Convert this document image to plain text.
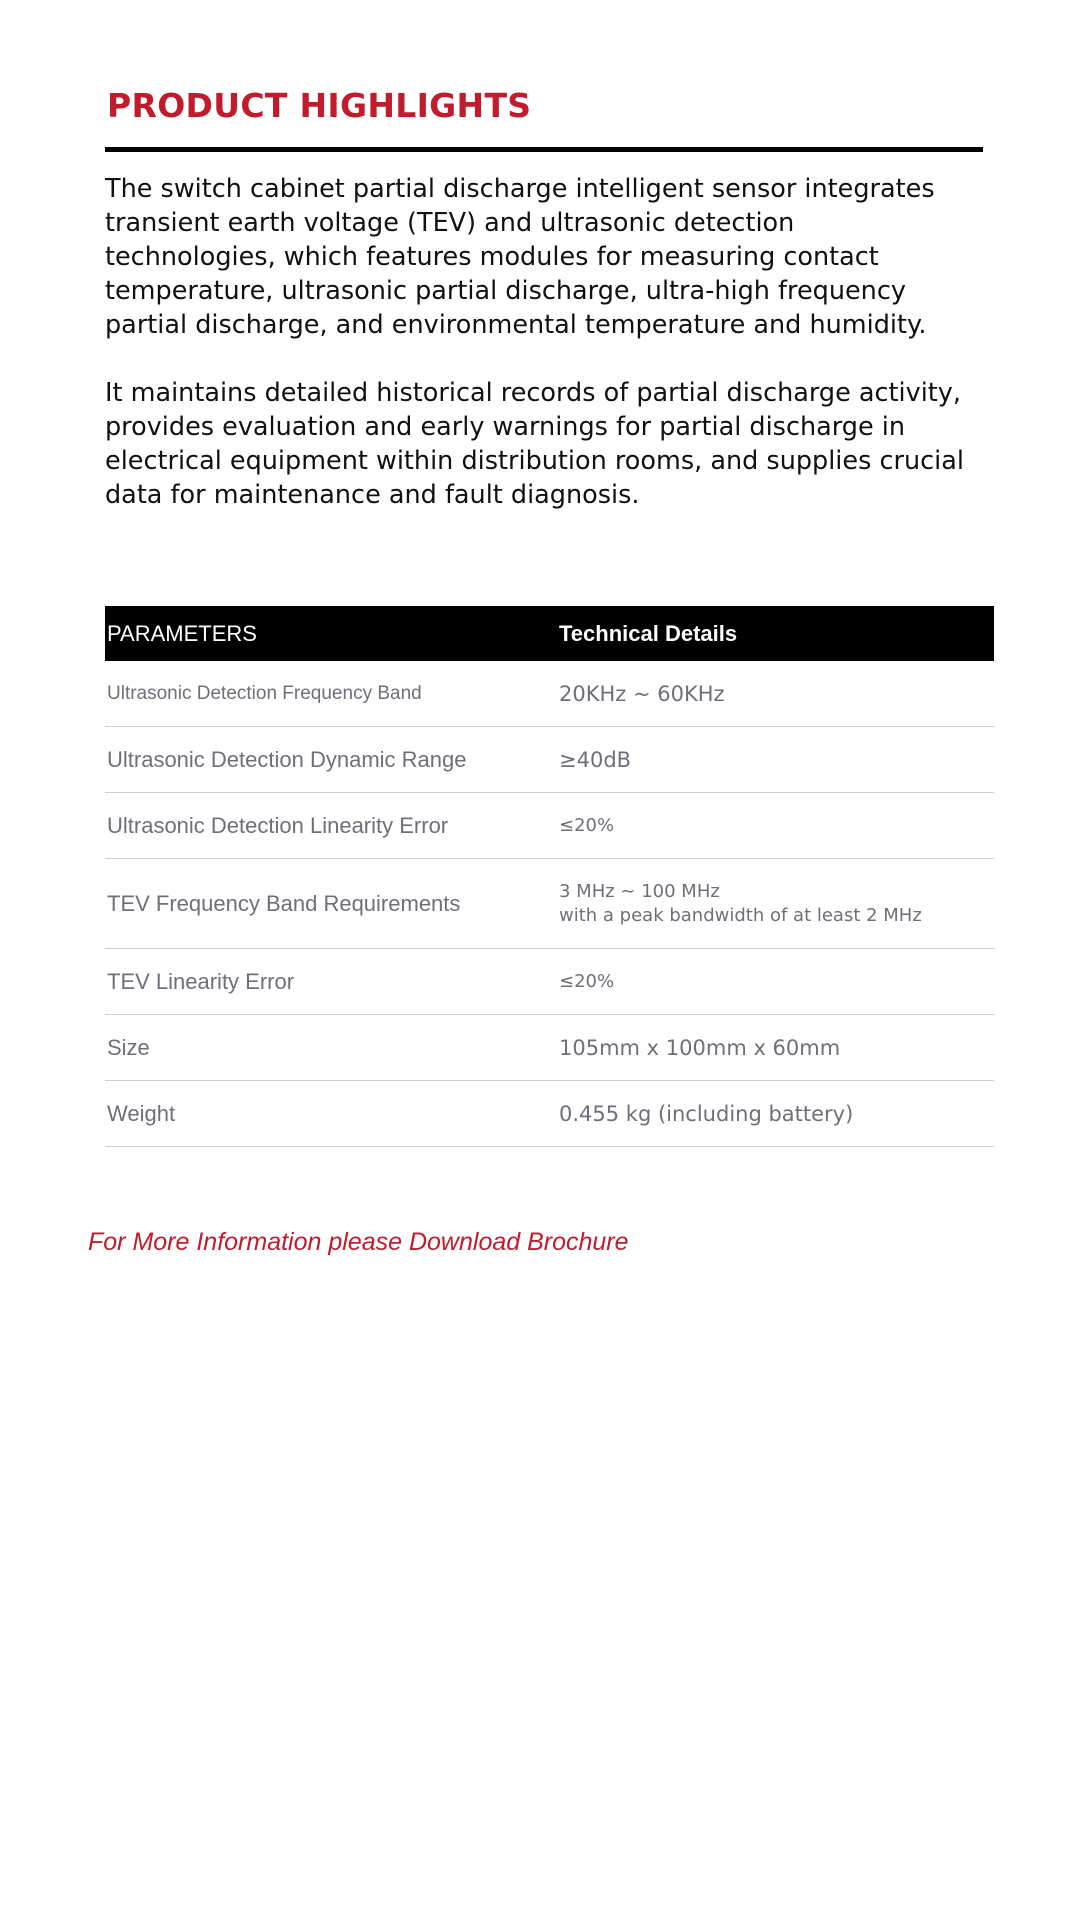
PRODUCT HIGHLIGHTS

The switch cabinet partial discharge intelligent sensor integrates
transient earth voltage (TEV) and ultrasonic detection
technologies, which features modules for measuring contact
temperature, ultrasonic partial discharge, ultra-high frequency
partial discharge, and environmental temperature and humidity.

It maintains detailed historical records of partial discharge activity,
provides evaluation and early warnings for partial discharge in
electrical equipment within distribution rooms, and supplies crucial
data for maintenance and fault diagnosis.

PARAMETERS	Technical Details
Ultrasonic Detection Frequency Band	20KHz ~ 60KHz
Ultrasonic Detection Dynamic Range	≥40dB
Ultrasonic Detection Linearity Error	≤20%
TEV Frequency Band Requirements	3 MHz ~ 100 MHz
with a peak bandwidth of at least 2 MHz

TEV Linearity Error	≤20%
Size	105mm x 100mm x 60mm
Weight	0.455 kg (including battery)
For More Information please Download Brochure
